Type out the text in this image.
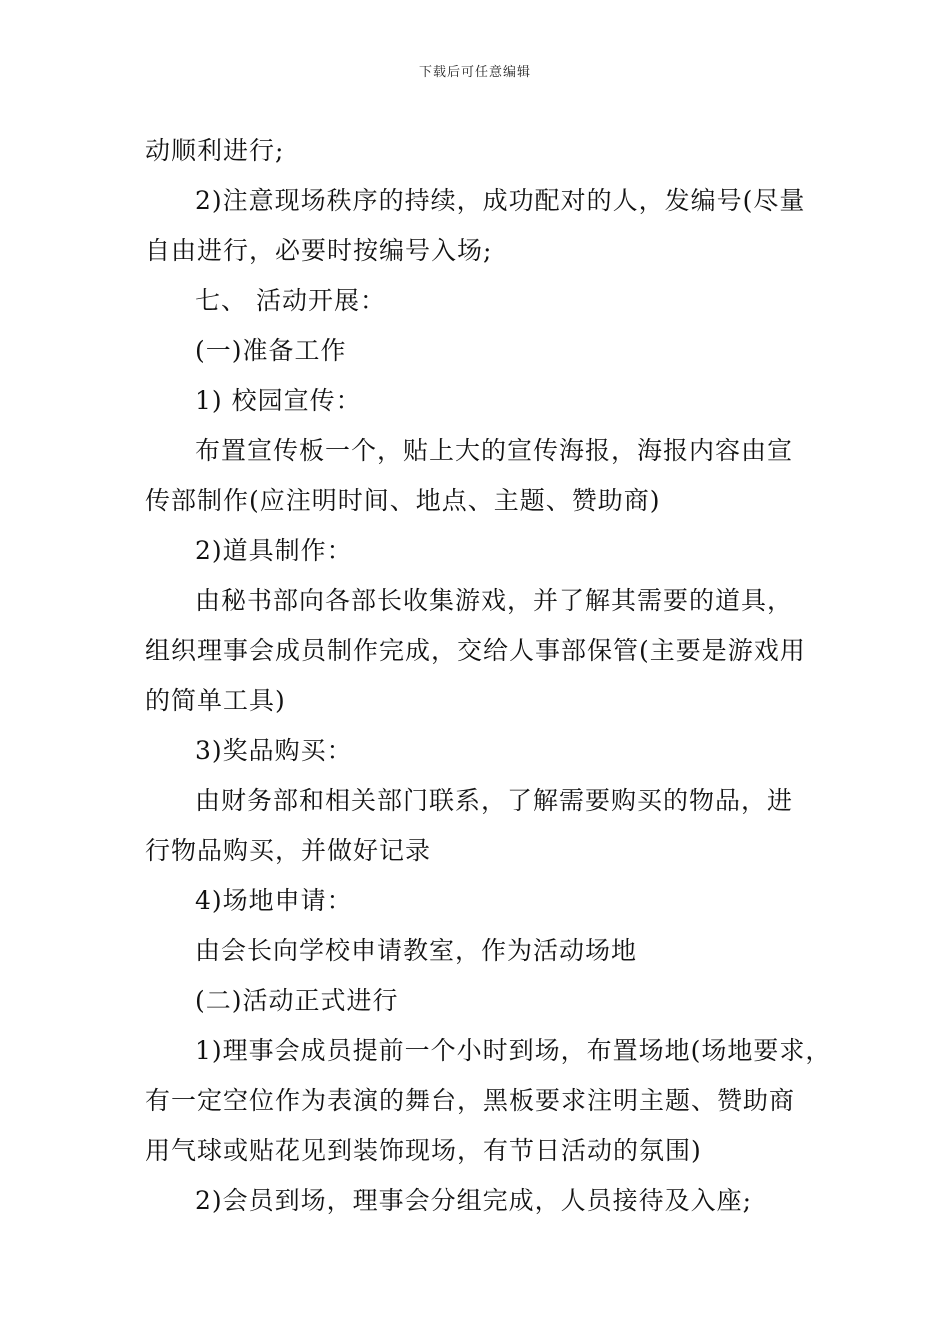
下载后可任意编辑
动顺利进行;
2)注意现场秩序的持续，成功配对的人，发编号(尽量
自由进行，必要时按编号入场;
七、 活动开展：
(一)准备工作
1) 校园宣传：
布置宣传板一个，贴上大的宣传海报，海报内容由宣
传部制作(应注明时间、地点、主题、赞助商)
2)道具制作：
由秘书部向各部长收集游戏，并了解其需要的道具，
组织理事会成员制作完成，交给人事部保管(主要是游戏用
的简单工具)
3)奖品购买：
由财务部和相关部门联系，了解需要购买的物品，进
行物品购买，并做好记录
4)场地申请：
由会长向学校申请教室，作为活动场地
(二)活动正式进行
1)理事会成员提前一个小时到场，布置场地(场地要求，
有一定空位作为表演的舞台，黑板要求注明主题、赞助商
用气球或贴花见到装饰现场，有节日活动的氛围)
2)会员到场，理事会分组完成，人员接待及入座;
